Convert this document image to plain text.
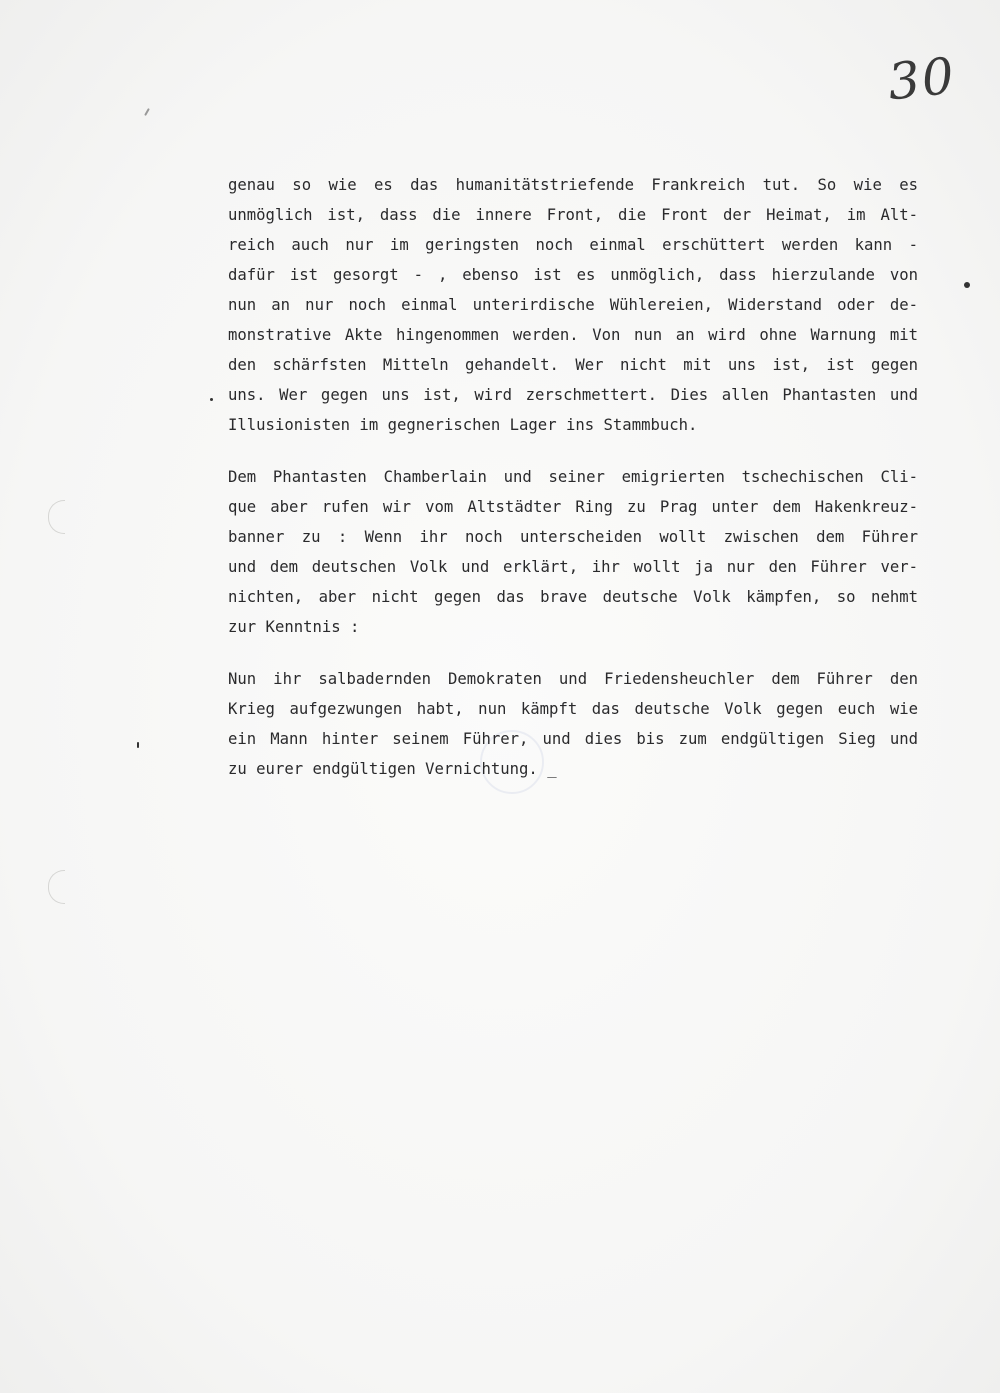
30
genau so wie es das humanitätstriefende Frankreich tut. So wie es
unmöglich ist, dass die innere Front, die Front der Heimat, im Alt-
reich auch nur im geringsten noch einmal erschüttert werden kann -
dafür ist gesorgt - , ebenso ist es unmöglich, dass hierzulande von
nun an nur noch einmal unterirdische Wühlereien, Widerstand oder de-
monstrative Akte hingenommen werden. Von nun an wird ohne Warnung mit
den schärfsten Mitteln gehandelt. Wer nicht mit uns ist, ist gegen
uns. Wer gegen uns ist, wird zerschmettert. Dies allen Phantasten und
Illusionisten im gegnerischen Lager ins Stammbuch.
Dem Phantasten Chamberlain und seiner emigrierten tschechischen Cli-
que aber rufen wir vom Altstädter Ring zu Prag unter dem Hakenkreuz-
banner zu : Wenn ihr noch unterscheiden wollt zwischen dem Führer
und dem deutschen Volk und erklärt, ihr wollt ja nur den Führer ver-
nichten, aber nicht gegen das brave deutsche Volk kämpfen, so nehmt
zur Kenntnis :
Nun ihr salbadernden Demokraten und Friedensheuchler dem Führer den
Krieg aufgezwungen habt, nun kämpft das deutsche Volk gegen euch wie
ein Mann hinter seinem Führer, und dies bis zum endgültigen Sieg und
zu eurer endgültigen Vernichtung. _
